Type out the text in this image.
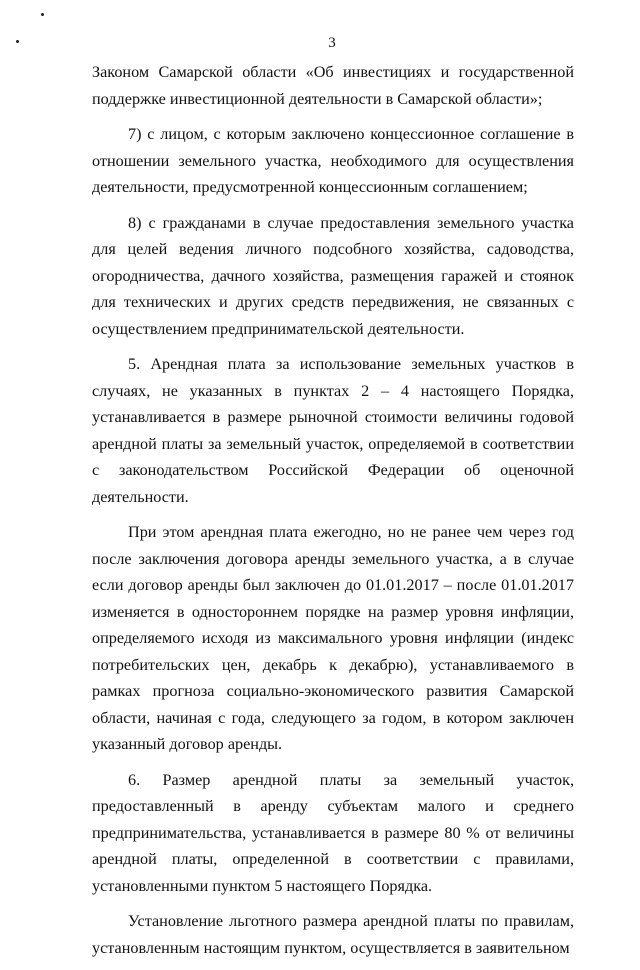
3

Законом Самарской области «Об инвестициях и государственной поддержке инвестиционной деятельности в Самарской области»;

7) с лицом, с которым заключено концессионное соглашение в отношении земельного участка, необходимого для осуществления деятельности, предусмотренной концессионным соглашением;

8) с гражданами в случае предоставления земельного участка для целей ведения личного подсобного хозяйства, садоводства, огородничества, дачного хозяйства, размещения гаражей и стоянок для технических и других средств передвижения, не связанных с осуществлением предпринимательской деятельности.

5. Арендная плата за использование земельных участков в случаях, не указанных в пунктах 2 – 4 настоящего Порядка, устанавливается в размере рыночной стоимости величины годовой арендной платы за земельный участок, определяемой в соответствии с законодательством Российской Федерации об оценочной деятельности.

При этом арендная плата ежегодно, но не ранее чем через год после заключения договора аренды земельного участка, а в случае если договор аренды был заключен до 01.01.2017 – после 01.01.2017 изменяется в одностороннем порядке на размер уровня инфляции, определяемого исходя из максимального уровня инфляции (индекс потребительских цен, декабрь к декабрю), устанавливаемого в рамках прогноза социально-экономического развития Самарской области, начиная с года, следующего за годом, в котором заключен указанный договор аренды.

6. Размер арендной платы за земельный участок, предоставленный в аренду субъектам малого и среднего предпринимательства, устанавливается в размере 80 % от величины арендной платы, определенной в соответствии с правилами, установленными пунктом 5 настоящего Порядка.

Установление льготного размера арендной платы по правилам, установленным настоящим пунктом, осуществляется в заявительном
